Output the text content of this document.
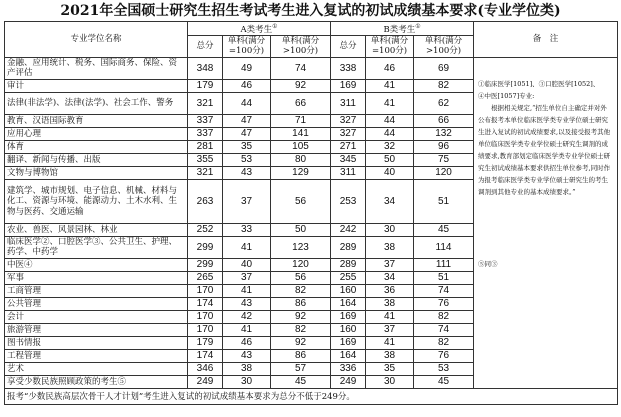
2021年全国硕士研究生招生考试考生进入复试的初试成绩基本要求(专业学位类)
专业学位名称	A类考生①			B类考生①			备　注
	总分	单科(满分=100分)	单科(满分>100分)	总分	单科(满分=100分)	单科(满分>100分)	
金融、应用统计、税务、国际商务、保险、资产评估	348	49	74	338	46	69	①临床医学[1051]、③口腔医学[1052]、
④中医[1057]专业:
根据相关规定,“招生单位自主确定并对外公布报考本单位临床医学类专业学位硕士研究生进入复试的初试成绩要求,以及接受报考其他单位临床医学类专业学位硕士研究生调剂的成绩要求,教育部划定临床医学类专业学位硕士研究生初试成绩基本要求供招生单位参考,同时作为报考临床医学类专业学位硕士研究生的考生调剂到其他专业的基本成绩要求。”
⑤同③

审计	179	46	92	169	41	82	
法律(非法学)、法律(法学)、社会工作、警务	321	44	66	311	41	62	
教育、汉语国际教育	337	47	71	327	44	66	
应用心理	337	47	141	327	44	132	
体育	281	35	105	271	32	96	
翻译、新闻与传播、出版	355	53	80	345	50	75	
文物与博物馆	321	43	129	311	40	120	
建筑学、城市规划、电子信息、机械、材料与化工、资源与环境、能源动力、土木水利、生物与医药、交通运输	263	37	56	253	34	51	
农业、兽医、风景园林、林业	252	33	50	242	30	45	
临床医学②、口腔医学③、公共卫生、护理、药学、中药学	299	41	123	289	38	114	
中医④	299	40	120	289	37	111	
军事	265	37	56	255	34	51	
工商管理	170	41	82	160	36	74	
公共管理	174	43	86	164	38	76	
会计	170	42	92	169	41	82	
旅游管理	170	41	82	160	37	74	
图书情报	179	46	92	169	41	82	
工程管理	174	43	86	164	38	76	
艺术	346	38	57	336	35	53	
享受少数民族照顾政策的考生⑤	249	30	45	249	30	45	
报考“少数民族高层次骨干人才计划”考生进入复试的初试成绩基本要求为总分不低于249分。							
